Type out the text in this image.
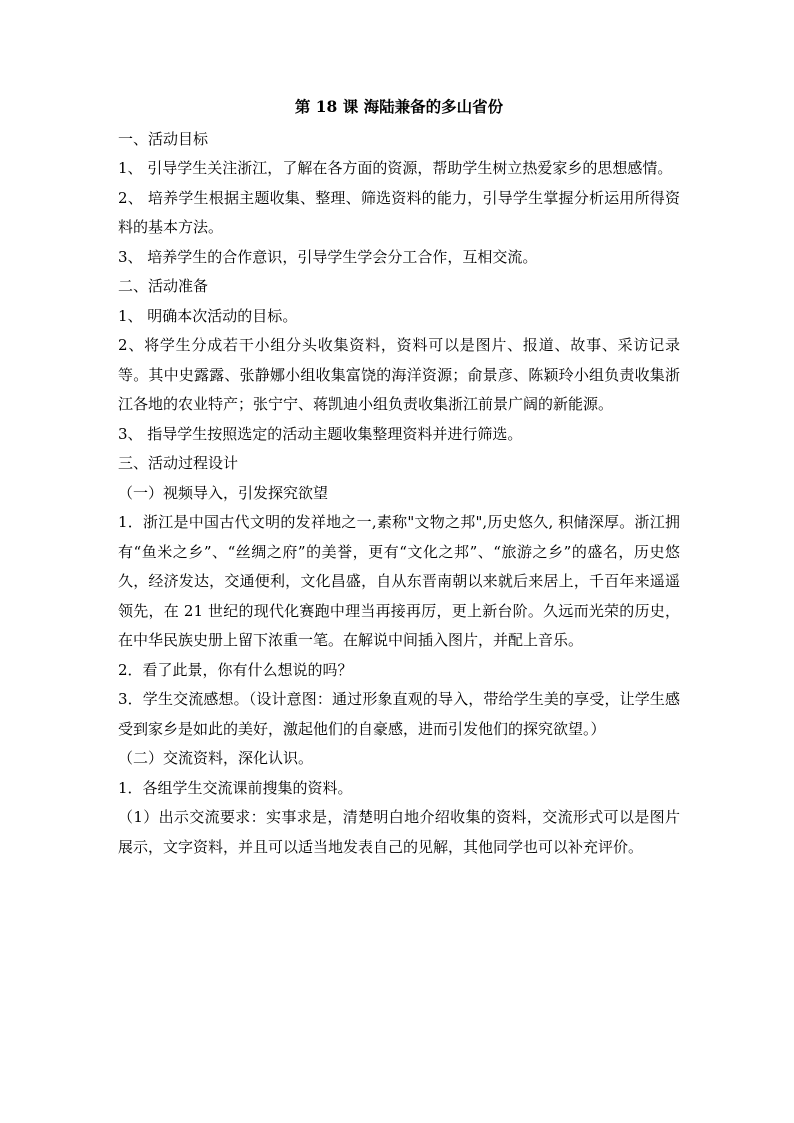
第 18 课 海陆兼备的多山省份

一、活动目标

1、 引导学生关注浙江，了解在各方面的资源，帮助学生树立热爱家乡的思想感情。

2、 培养学生根据主题收集、整理、筛选资料的能力，引导学生掌握分析运用所得资料的基本方法。

3、 培养学生的合作意识，引导学生学会分工合作，互相交流。

二、活动准备

1、 明确本次活动的目标。

2、将学生分成若干小组分头收集资料，资料可以是图片、报道、故事、采访记录等。其中史露露、张静娜小组收集富饶的海洋资源；俞景彦、陈颖玲小组负责收集浙江各地的农业特产；张宁宁、蒋凯迪小组负责收集浙江前景广阔的新能源。

3、 指导学生按照选定的活动主题收集整理资料并进行筛选。

三、活动过程设计

（一）视频导入，引发探究欲望

1．浙江是中国古代文明的发祥地之一,素称"文物之邦",历史悠久, 积储深厚。浙江拥有“鱼米之乡”、“丝绸之府”的美誉，更有“文化之邦”、“旅游之乡”的盛名，历史悠久，经济发达，交通便利，文化昌盛，自从东晋南朝以来就后来居上，千百年来遥遥领先，在 21 世纪的现代化赛跑中理当再接再厉，更上新台阶。久远而光荣的历史，在中华民族史册上留下浓重一笔。在解说中间插入图片，并配上音乐。

2．看了此景，你有什么想说的吗？

3．学生交流感想。（设计意图：通过形象直观的导入，带给学生美的享受，让学生感受到家乡是如此的美好，激起他们的自豪感，进而引发他们的探究欲望。）

（二）交流资料，深化认识。

1．各组学生交流课前搜集的资料。

（1）出示交流要求：实事求是，清楚明白地介绍收集的资料，交流形式可以是图片展示，文字资料，并且可以适当地发表自己的见解，其他同学也可以补充评价。
